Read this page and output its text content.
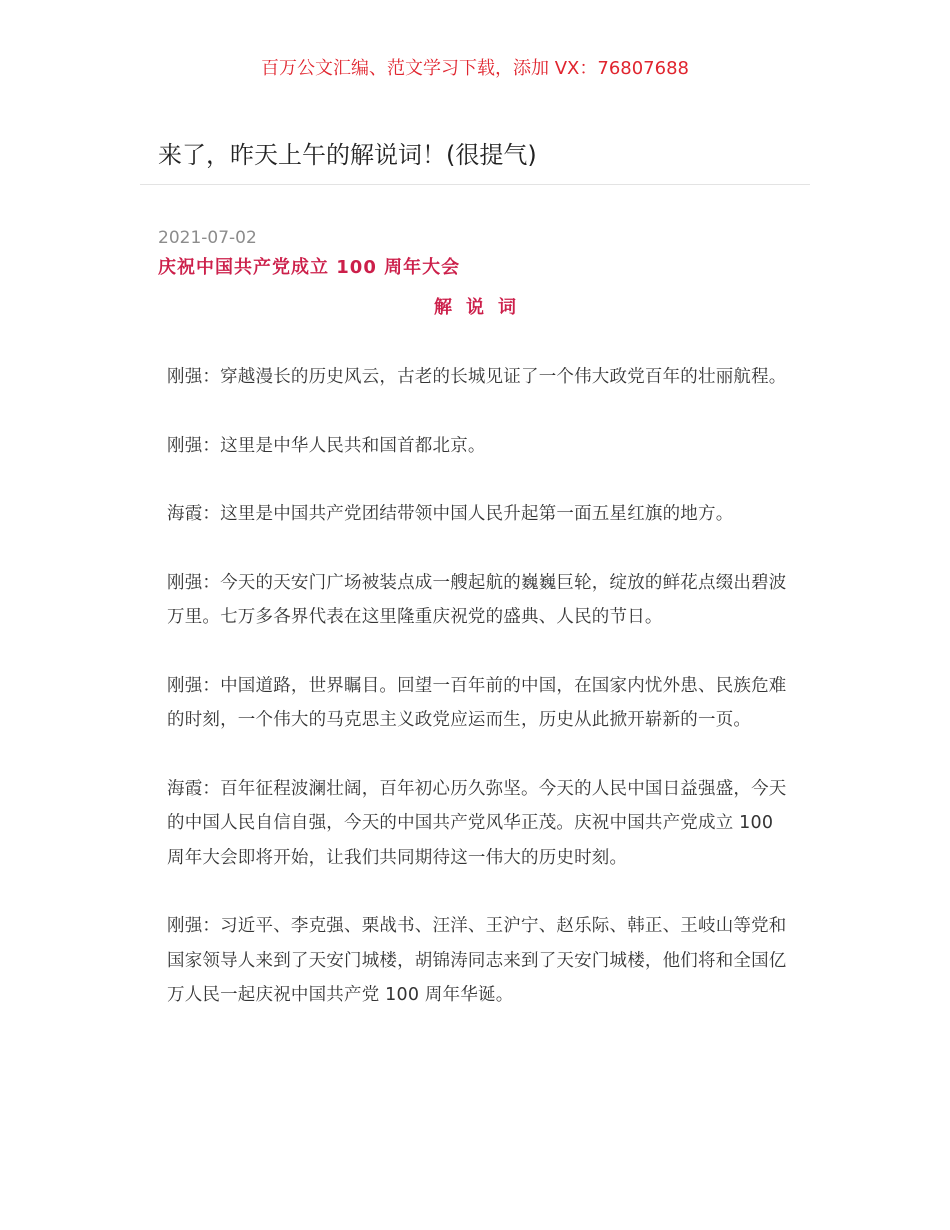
百万公文汇编、范文学习下载，添加 VX：76807688
来了，昨天上午的解说词！(很提气)
2021-07-02
庆祝中国共产党成立 100 周年大会
解说词

刚强：穿越漫长的历史风云，古老的长城见证了一个伟大政党百年的壮丽航程。

刚强：这里是中华人民共和国首都北京。

海霞：这里是中国共产党团结带领中国人民升起第一面五星红旗的地方。

刚强：今天的天安门广场被装点成一艘起航的巍巍巨轮，绽放的鲜花点缀出碧波万里。七万多各界代表在这里隆重庆祝党的盛典、人民的节日。

刚强：中国道路，世界瞩目。回望一百年前的中国，在国家内忧外患、民族危难的时刻，一个伟大的马克思主义政党应运而生，历史从此掀开崭新的一页。

海霞：百年征程波澜壮阔，百年初心历久弥坚。今天的人民中国日益强盛，今天的中国人民自信自强，今天的中国共产党风华正茂。庆祝中国共产党成立 100 周年大会即将开始，让我们共同期待这一伟大的历史时刻。

刚强：习近平、李克强、栗战书、汪洋、王沪宁、赵乐际、韩正、王岐山等党和国家领导人来到了天安门城楼，胡锦涛同志来到了天安门城楼，他们将和全国亿万人民一起庆祝中国共产党 100 周年华诞。
